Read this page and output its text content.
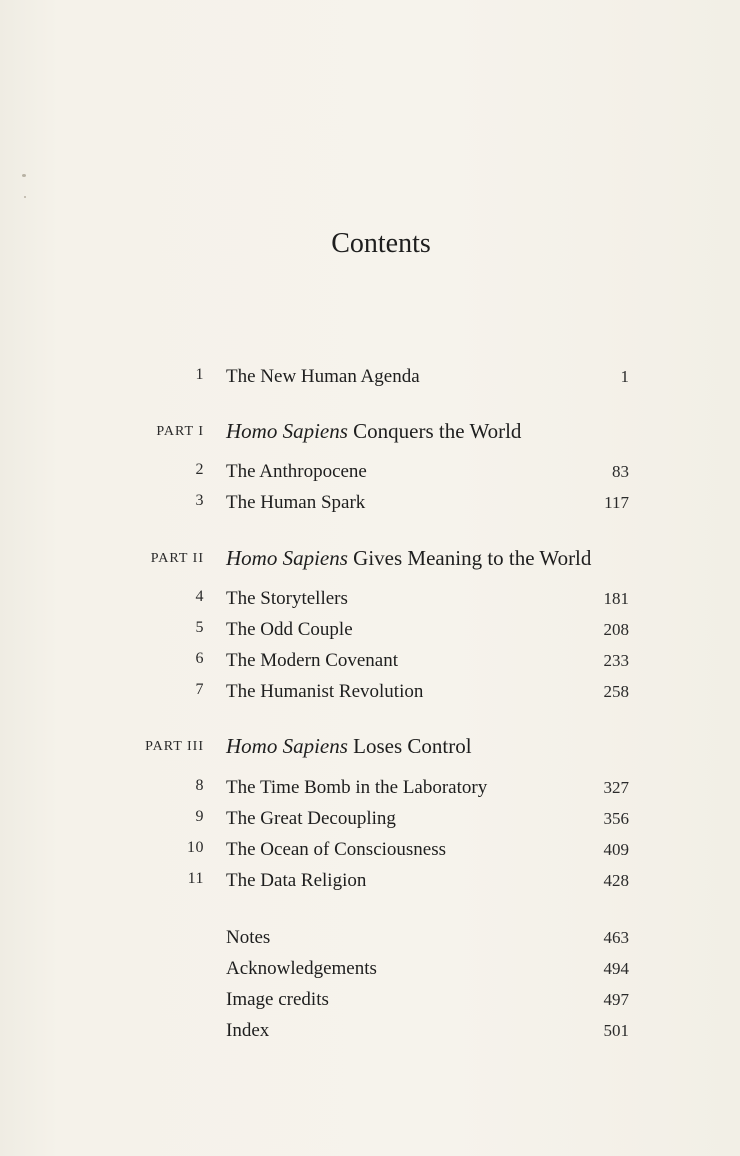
Contents
1 The New Human Agenda	1
PART I Homo Sapiens Conquers the World
2 The Anthropocene	83
3 The Human Spark	117
PART II Homo Sapiens Gives Meaning to the World
4 The Storytellers	181
5 The Odd Couple	208
6 The Modern Covenant	233
7 The Humanist Revolution	258
PART III Homo Sapiens Loses Control
8 The Time Bomb in the Laboratory	327
9 The Great Decoupling	356
10 The Ocean of Consciousness	409
11 The Data Religion	428
Notes	463
Acknowledgements	494
Image credits	497
Index	501
